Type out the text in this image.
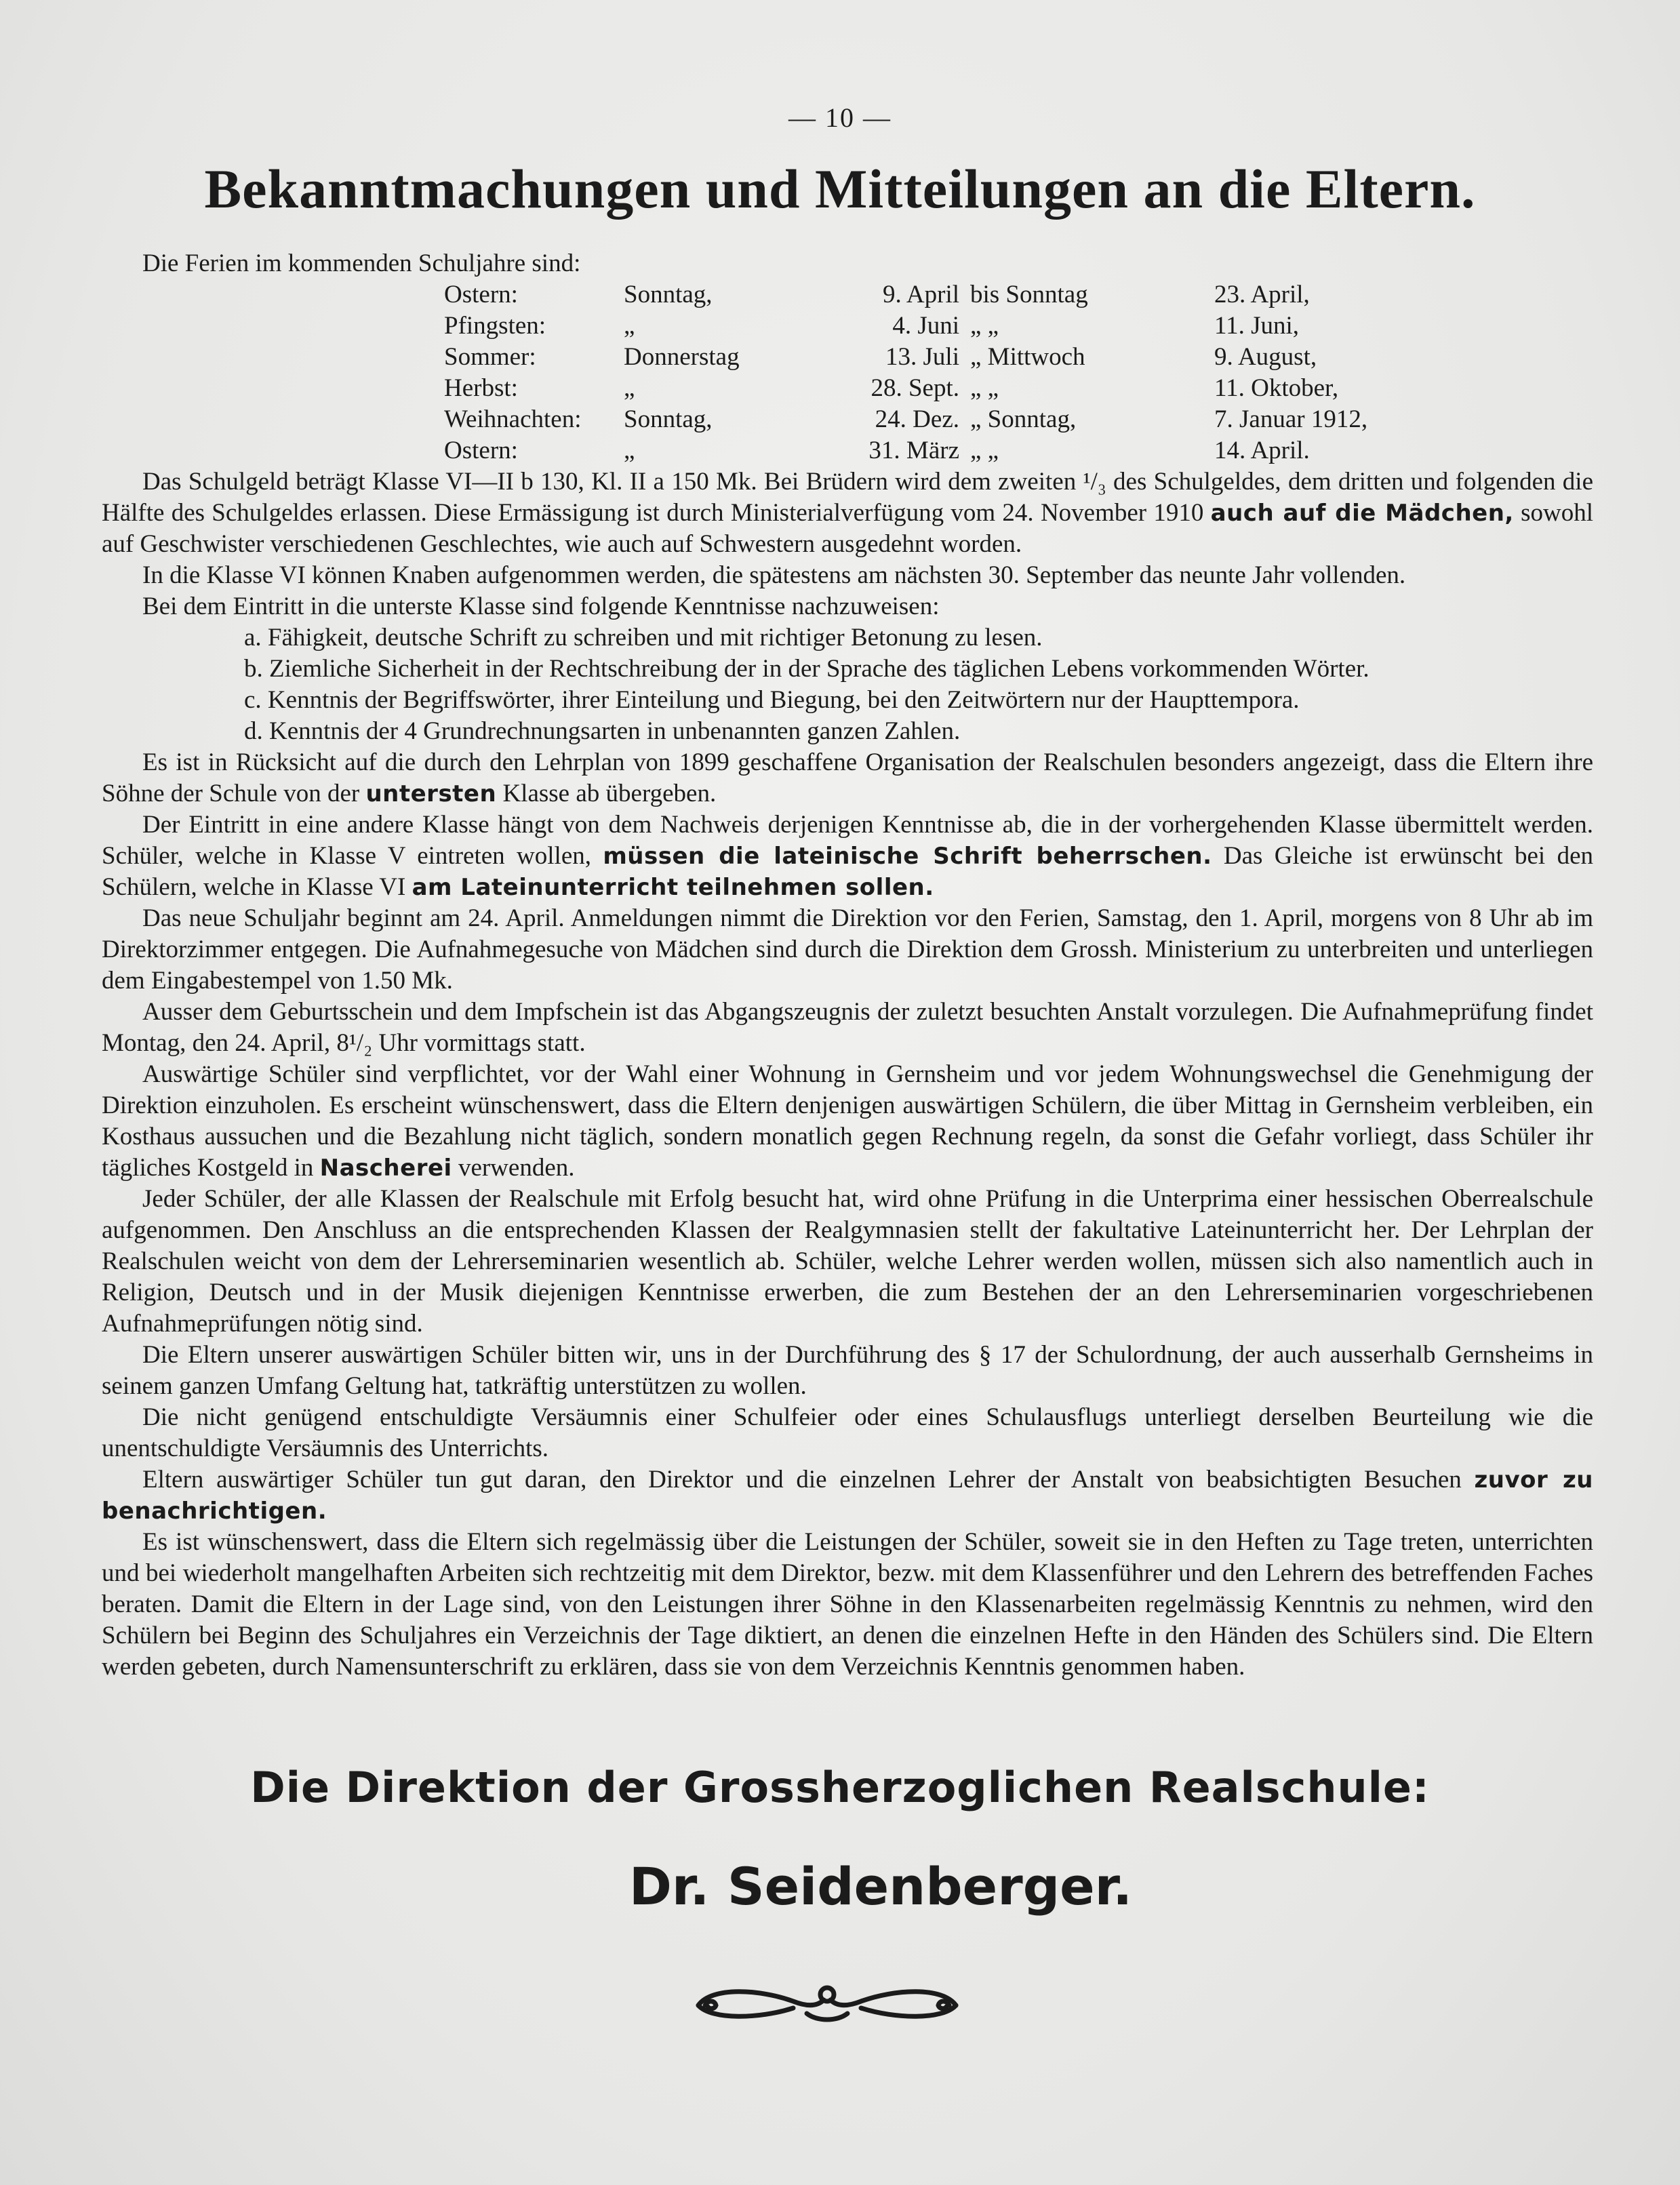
— 10 —
Bekanntmachungen und Mitteilungen an die Eltern.
Die Ferien im kommenden Schuljahre sind:
Ostern:	Sonntag,	9. April	bis Sonntag	23. April,
Pfingsten:	„	4. Juni	„ „	11. Juni,
Sommer:	Donnerstag	13. Juli	„ Mittwoch	9. August,
Herbst:	„	28. Sept.	„ „	11. Oktober,
Weihnachten:	Sonntag,	24. Dez.	„ Sonntag,	7. Januar 1912,
Ostern:	„	31. März	„ „	14. April.

Das Schulgeld beträgt Klasse VI—II b 130, Kl. II a 150 Mk. Bei Brüdern wird dem zweiten ¹/₃ des Schulgeldes, dem dritten und folgenden die Hälfte des Schulgeldes erlassen. Diese Ermässigung ist durch Ministerialverfügung vom 24. November 1910 auch auf die Mädchen, sowohl auf Geschwister verschiedenen Geschlechtes, wie auch auf Schwestern ausgedehnt worden.

In die Klasse VI können Knaben aufgenommen werden, die spätestens am nächsten 30. September das neunte Jahr vollenden.

Bei dem Eintritt in die unterste Klasse sind folgende Kenntnisse nachzuweisen:

a. Fähigkeit, deutsche Schrift zu schreiben und mit richtiger Betonung zu lesen.
b. Ziemliche Sicherheit in der Rechtschreibung der in der Sprache des täglichen Lebens vorkommenden Wörter.
c. Kenntnis der Begriffswörter, ihrer Einteilung und Biegung, bei den Zeitwörtern nur der Haupttempora.
d. Kenntnis der 4 Grundrechnungsarten in unbenannten ganzen Zahlen.

Es ist in Rücksicht auf die durch den Lehrplan von 1899 geschaffene Organisation der Realschulen besonders angezeigt, dass die Eltern ihre Söhne der Schule von der untersten Klasse ab übergeben.

Der Eintritt in eine andere Klasse hängt von dem Nachweis derjenigen Kenntnisse ab, die in der vorhergehenden Klasse übermittelt werden. Schüler, welche in Klasse V eintreten wollen, müssen die lateinische Schrift beherrschen. Das Gleiche ist erwünscht bei den Schülern, welche in Klasse VI am Lateinunterricht teilnehmen sollen.

Das neue Schuljahr beginnt am 24. April. Anmeldungen nimmt die Direktion vor den Ferien, Samstag, den 1. April, morgens von 8 Uhr ab im Direktorzimmer entgegen. Die Aufnahmegesuche von Mädchen sind durch die Direktion dem Grossh. Ministerium zu unterbreiten und unterliegen dem Eingabestempel von 1.50 Mk.

Ausser dem Geburtsschein und dem Impfschein ist das Abgangszeugnis der zuletzt besuchten Anstalt vorzulegen. Die Aufnahmeprüfung findet Montag, den 24. April, 8¹/₂ Uhr vormittags statt.

Auswärtige Schüler sind verpflichtet, vor der Wahl einer Wohnung in Gernsheim und vor jedem Wohnungswechsel die Genehmigung der Direktion einzuholen. Es erscheint wünschenswert, dass die Eltern denjenigen auswärtigen Schülern, die über Mittag in Gernsheim verbleiben, ein Kosthaus aussuchen und die Bezahlung nicht täglich, sondern monatlich gegen Rechnung regeln, da sonst die Gefahr vorliegt, dass Schüler ihr tägliches Kostgeld in Nascherei verwenden.

Jeder Schüler, der alle Klassen der Realschule mit Erfolg besucht hat, wird ohne Prüfung in die Unterprima einer hessischen Oberrealschule aufgenommen. Den Anschluss an die entsprechenden Klassen der Realgymnasien stellt der fakultative Lateinunterricht her. Der Lehrplan der Realschulen weicht von dem der Lehrerseminarien wesentlich ab. Schüler, welche Lehrer werden wollen, müssen sich also namentlich auch in Religion, Deutsch und in der Musik diejenigen Kenntnisse erwerben, die zum Bestehen der an den Lehrerseminarien vorgeschriebenen Aufnahmeprüfungen nötig sind.

Die Eltern unserer auswärtigen Schüler bitten wir, uns in der Durchführung des § 17 der Schulordnung, der auch ausserhalb Gernsheims in seinem ganzen Umfang Geltung hat, tatkräftig unterstützen zu wollen.

Die nicht genügend entschuldigte Versäumnis einer Schulfeier oder eines Schulausflugs unterliegt derselben Beurteilung wie die unentschuldigte Versäumnis des Unterrichts.

Eltern auswärtiger Schüler tun gut daran, den Direktor und die einzelnen Lehrer der Anstalt von beabsichtigten Besuchen zuvor zu benachrichtigen.

Es ist wünschenswert, dass die Eltern sich regelmässig über die Leistungen der Schüler, soweit sie in den Heften zu Tage treten, unterrichten und bei wiederholt mangelhaften Arbeiten sich rechtzeitig mit dem Direktor, bezw. mit dem Klassenführer und den Lehrern des betreffenden Faches beraten. Damit die Eltern in der Lage sind, von den Leistungen ihrer Söhne in den Klassenarbeiten regelmässig Kenntnis zu nehmen, wird den Schülern bei Beginn des Schuljahres ein Verzeichnis der Tage diktiert, an denen die einzelnen Hefte in den Händen des Schülers sind. Die Eltern werden gebeten, durch Namensunterschrift zu erklären, dass sie von dem Verzeichnis Kenntnis genommen haben.

Die Direktion der Grossherzoglichen Realschule:
Dr. Seidenberger.
